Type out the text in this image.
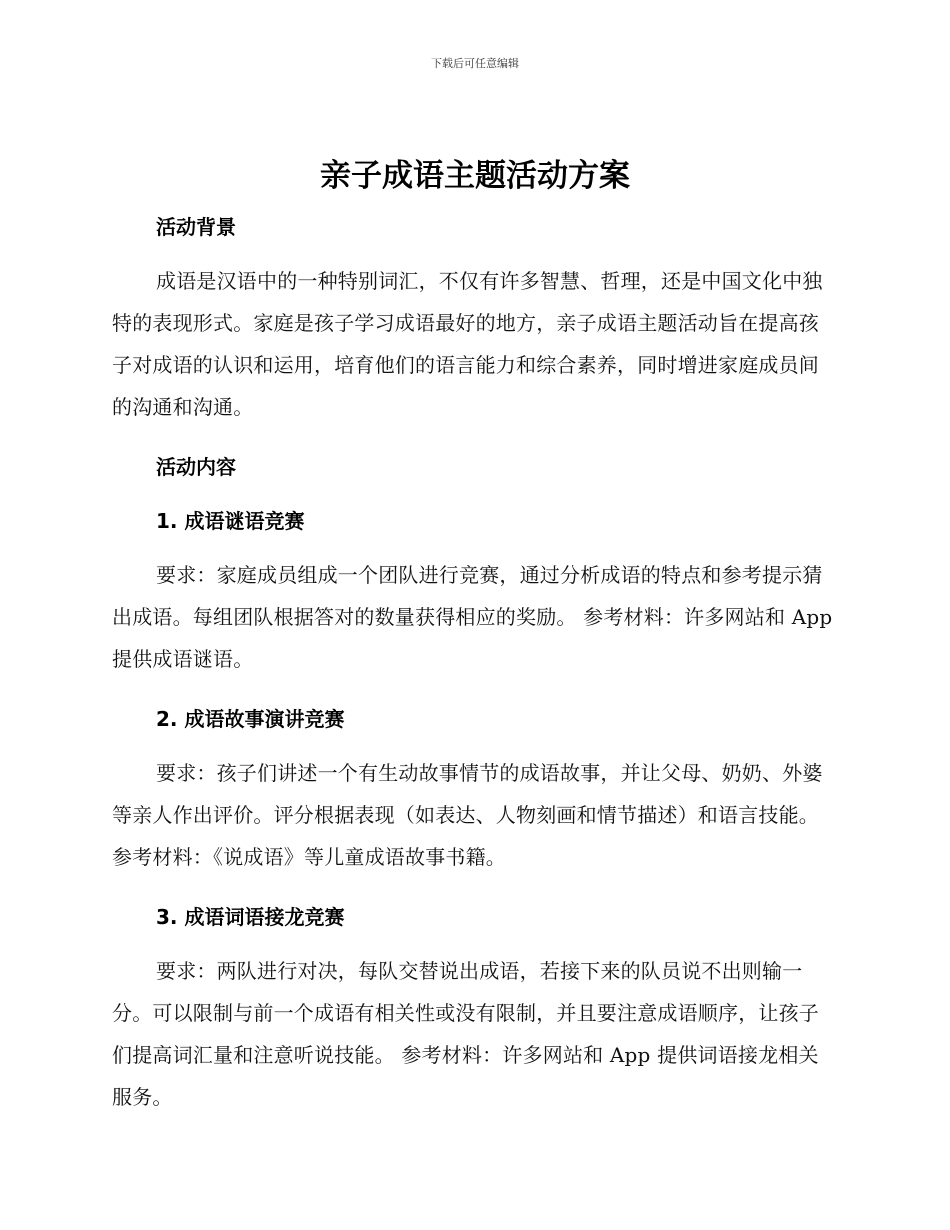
下载后可任意编辑
亲子成语主题活动方案
活动背景

成语是汉语中的一种特别词汇，不仅有许多智慧、哲理，还是中国文化中独特的表现形式。家庭是孩子学习成语最好的地方，亲子成语主题活动旨在提高孩子对成语的认识和运用，培育他们的语言能力和综合素养，同时增进家庭成员间的沟通和沟通。

活动内容
1. 成语谜语竞赛

要求：家庭成员组成一个团队进行竞赛，通过分析成语的特点和参考提示猜出成语。每组团队根据答对的数量获得相应的奖励。 参考材料：许多网站和 App 提供成语谜语。

2. 成语故事演讲竞赛

要求：孩子们讲述一个有生动故事情节的成语故事，并让父母、奶奶、外婆等亲人作出评价。评分根据表现（如表达、人物刻画和情节描述）和语言技能。 参考材料：《说成语》等儿童成语故事书籍。

3. 成语词语接龙竞赛

要求：两队进行对决，每队交替说出成语，若接下来的队员说不出则输一分。可以限制与前一个成语有相关性或没有限制，并且要注意成语顺序，让孩子们提高词汇量和注意听说技能。 参考材料：许多网站和 App 提供词语接龙相关服务。
